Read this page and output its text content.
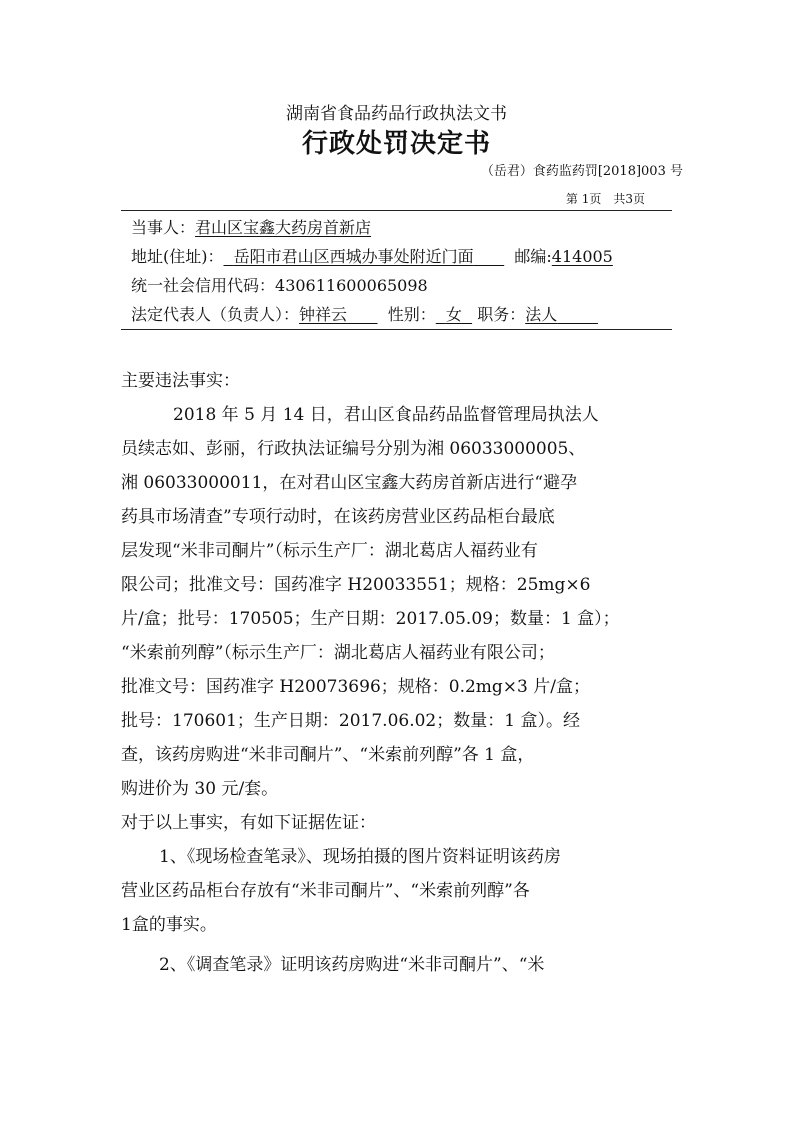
湖南省食品药品行政执法文书
行政处罚决定书
（岳君）食药监药罚[2018]003 号
第 1页　共3页
当事人：君山区宝鑫大药房首新店
地址(住址)： 岳阳市君山区西城办事处附近门面	邮编:414005
统一社会信用代码：430611600065098
法定代表人（负责人）：钟祥云	性别： 女 职务：法人
主要违法事实：
2018 年 5 月 14 日，君山区食品药品监督管理局执法人
员续志如、彭丽，行政执法证编号分别为湘 06033000005、
湘 06033000011，在对君山区宝鑫大药房首新店进行“避孕
药具市场清查”专项行动时，在该药房营业区药品柜台最底
层发现“米非司酮片”（标示生产厂：湖北葛店人福药业有
限公司；批准文号：国药准字 H20033551；规格：25mg×6
片/盒；批号：170505；生产日期：2017.05.09；数量：1 盒）；
“米索前列醇”（标示生产厂：湖北葛店人福药业有限公司；
批准文号：国药准字 H20073696；规格：0.2mg×3 片/盒；
批号：170601；生产日期：2017.06.02；数量：1 盒）。经
查，该药房购进“米非司酮片”、“米索前列醇”各 1 盒，
购进价为 30 元/套。
对于以上事实，有如下证据佐证：
1、《现场检查笔录》、现场拍摄的图片资料证明该药房
营业区药品柜台存放有“米非司酮片”、“米索前列醇”各
1盒的事实。
2、《调查笔录》证明该药房购进“米非司酮片”、“米
